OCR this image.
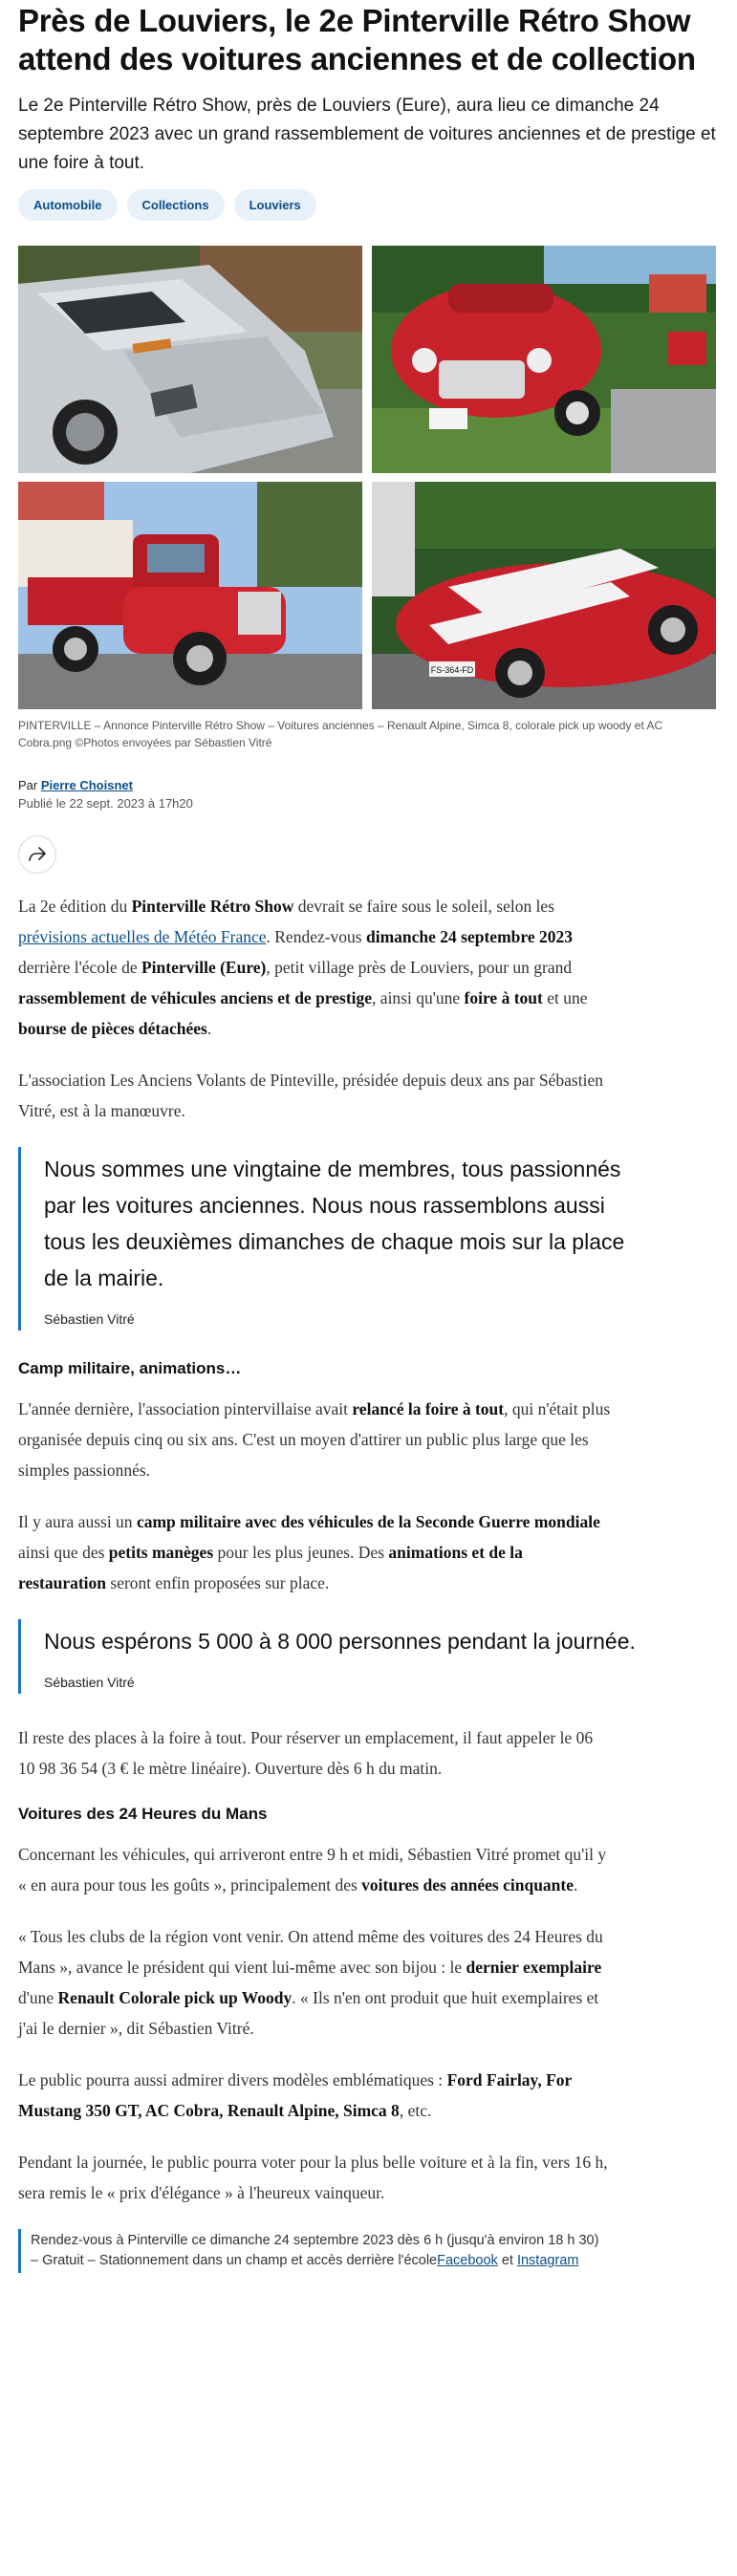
Près de Louviers, le 2e Pinterville Rétro Show attend des voitures anciennes et de collection

Le 2e Pinterville Rétro Show, près de Louviers (Eure), aura lieu ce dimanche 24 septembre 2023 avec un grand rassemblement de voitures anciennes et de prestige et une foire à tout.

Automobile	Collections	Louviers
FS-364-FD

PINTERVILLE – Annonce Pinterville Rétro Show – Voitures anciennes – Renault Alpine, Simca 8, colorale pick up woody et AC Cobra.png ©Photos envoyées par Sébastien Vitré

Par Pierre Choisnet
Publié le 22 sept. 2023 à 17h20

La 2e édition du Pinterville Rétro Show devrait se faire sous le soleil, selon les prévisions actuelles de Météo France. Rendez-vous dimanche 24 septembre 2023 derrière l'école de Pinterville (Eure), petit village près de Louviers, pour un grand rassemblement de véhicules anciens et de prestige, ainsi qu'une foire à tout et une bourse de pièces détachées.

L'association Les Anciens Volants de Pinteville, présidée depuis deux ans par Sébastien Vitré, est à la manœuvre.

Nous sommes une vingtaine de membres, tous passionnés par les voitures anciennes. Nous nous rassemblons aussi tous les deuxièmes dimanches de chaque mois sur la place de la mairie.

Sébastien Vitré
Camp militaire, animations…

L'année dernière, l'association pintervillaise avait relancé la foire à tout, qui n'était plus organisée depuis cinq ou six ans. C'est un moyen d'attirer un public plus large que les simples passionnés.

Il y aura aussi un camp militaire avec des véhicules de la Seconde Guerre mondiale ainsi que des petits manèges pour les plus jeunes. Des animations et de la restauration seront enfin proposées sur place.

Nous espérons 5 000 à 8 000 personnes pendant la journée.

Sébastien Vitré

Il reste des places à la foire à tout. Pour réserver un emplacement, il faut appeler le 06 10 98 36 54 (3 € le mètre linéaire). Ouverture dès 6 h du matin.

Voitures des 24 Heures du Mans

Concernant les véhicules, qui arriveront entre 9 h et midi, Sébastien Vitré promet qu'il y « en aura pour tous les goûts », principalement des voitures des années cinquante.

« Tous les clubs de la région vont venir. On attend même des voitures des 24 Heures du Mans », avance le président qui vient lui-même avec son bijou : le dernier exemplaire d'une Renault Colorale pick up Woody. « Ils n'en ont produit que huit exemplaires et j'ai le dernier », dit Sébastien Vitré.

Le public pourra aussi admirer divers modèles emblématiques : Ford Fairlay, For Mustang 350 GT, AC Cobra, Renault Alpine, Simca 8, etc.

Pendant la journée, le public pourra voter pour la plus belle voiture et à la fin, vers 16 h, sera remis le « prix d'élégance » à l'heureux vainqueur.

Rendez-vous à Pinterville ce dimanche 24 septembre 2023 dès 6 h (jusqu'à environ 18 h 30) – Gratuit – Stationnement dans un champ et accès derrière l'écoleFacebook et Instagram
